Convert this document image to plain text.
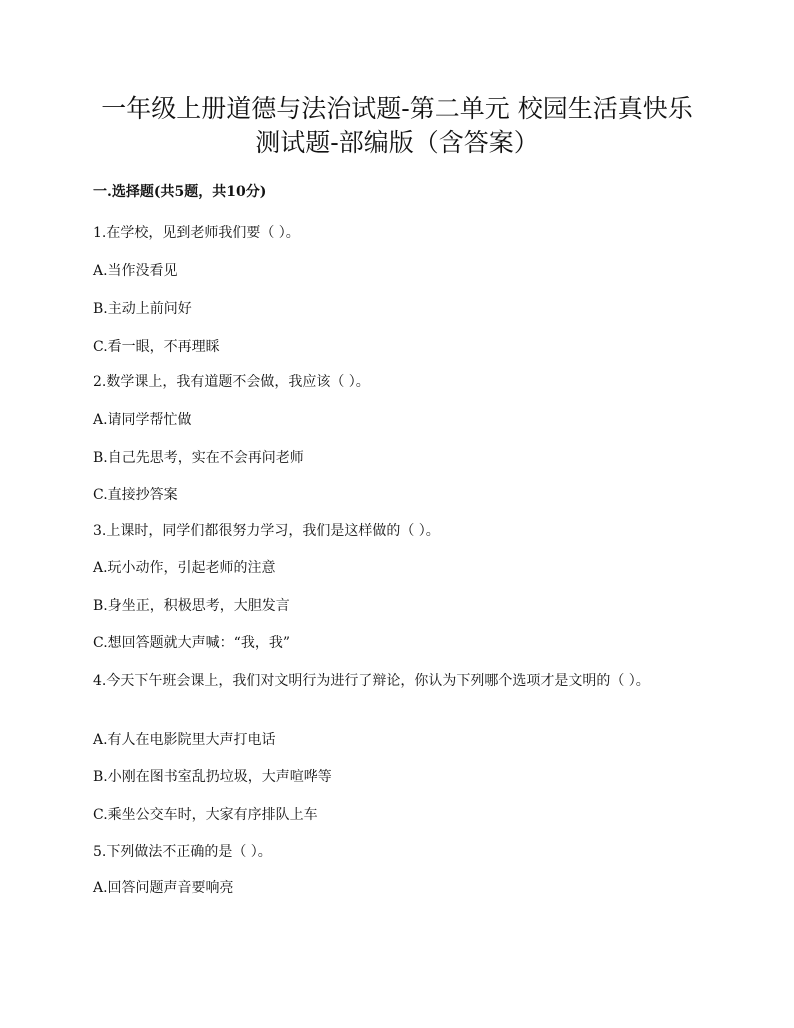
一年级上册道德与法治试题-第二单元 校园生活真快乐
测试题-部编版（含答案）
一.选择题(共5题，共10分)
1.在学校，见到老师我们要（ ）。
A.当作没看见
B.主动上前问好
C.看一眼，不再理睬
2.数学课上，我有道题不会做，我应该（ ）。
A.请同学帮忙做
B.自己先思考，实在不会再问老师
C.直接抄答案
3.上课时，同学们都很努力学习，我们是这样做的（ ）。
A.玩小动作，引起老师的注意
B.身坐正，积极思考，大胆发言
C.想回答题就大声喊：“我，我”
4.今天下午班会课上，我们对文明行为进行了辩论，你认为下列哪个选项才是文明的（ ）。
A.有人在电影院里大声打电话
B.小刚在图书室乱扔垃圾，大声喧哗等
C.乘坐公交车时，大家有序排队上车
5.下列做法不正确的是（ ）。
A.回答问题声音要响亮
